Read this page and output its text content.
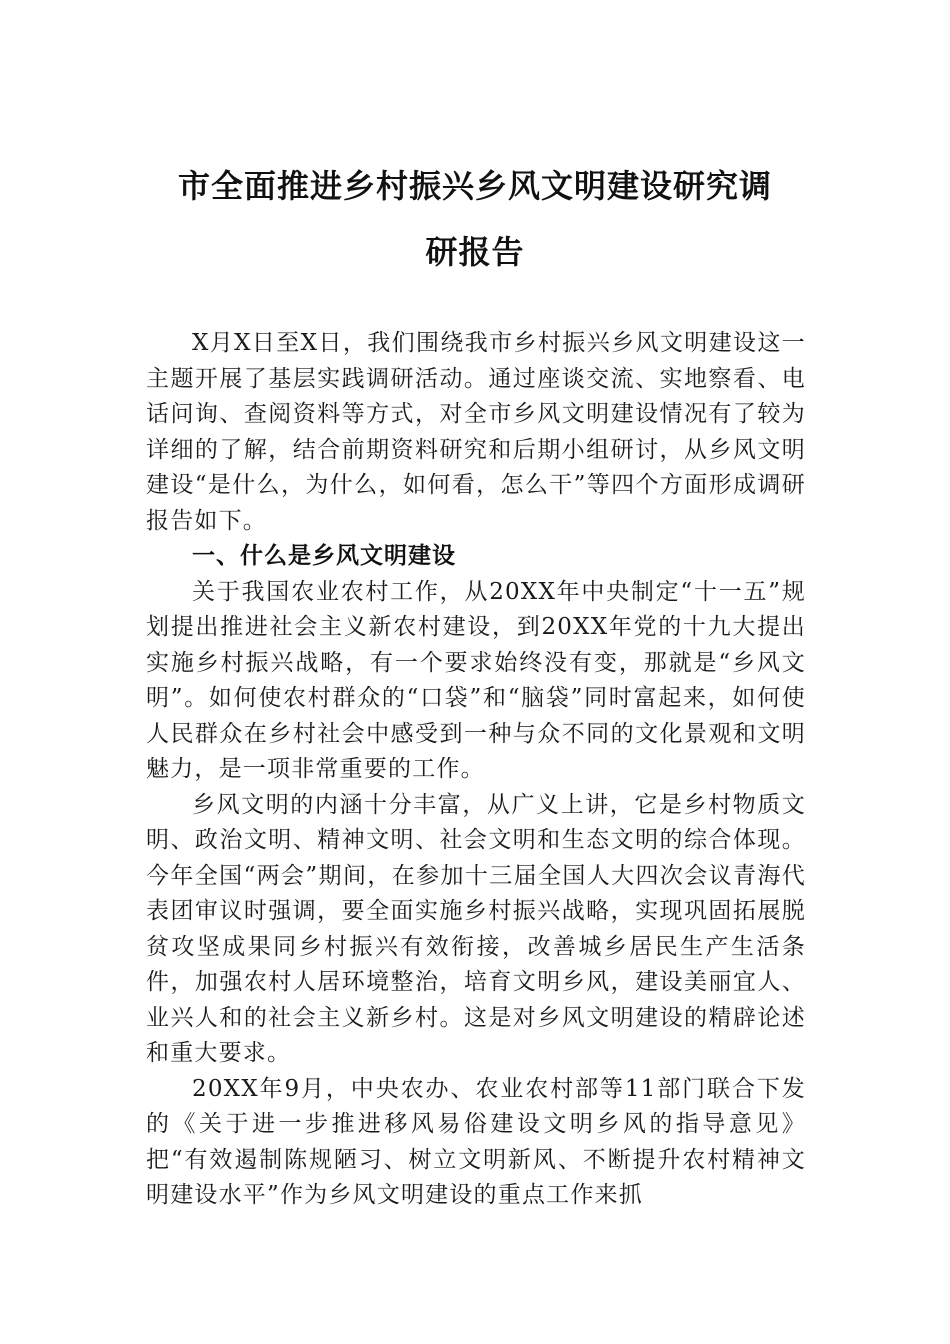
市全面推进乡村振兴乡风文明建设研究调
研报告

X月X日至X日，我们围绕我市乡村振兴乡风文明建设这一主题开展了基层实践调研活动。通过座谈交流、实地察看、电话问询、查阅资料等方式，对全市乡风文明建设情况有了较为详细的了解，结合前期资料研究和后期小组研讨，从乡风文明建设“是什么，为什么，如何看，怎么干”等四个方面形成调研报告如下。

一、什么是乡风文明建设

关于我国农业农村工作，从20XX年中央制定“十一五”规划提出推进社会主义新农村建设，到20XX年党的十九大提出实施乡村振兴战略，有一个要求始终没有变，那就是“乡风文明”。如何使农村群众的“口袋”和“脑袋”同时富起来，如何使人民群众在乡村社会中感受到一种与众不同的文化景观和文明魅力，是一项非常重要的工作。

乡风文明的内涵十分丰富，从广义上讲，它是乡村物质文明、政治文明、精神文明、社会文明和生态文明的综合体现。今年全国“两会”期间，在参加十三届全国人大四次会议青海代表团审议时强调，要全面实施乡村振兴战略，实现巩固拓展脱贫攻坚成果同乡村振兴有效衔接，改善城乡居民生产生活条件，加强农村人居环境整治，培育文明乡风，建设美丽宜人、业兴人和的社会主义新乡村。这是对乡风文明建设的精辟论述和重大要求。

20XX年9月，中央农办、农业农村部等11部门联合下发的《关于进一步推进移风易俗建设文明乡风的指导意见》把“有效遏制陈规陋习、树立文明新风、不断提升农村精神文明建设水平”作为乡风文明建设的重点工作来抓
